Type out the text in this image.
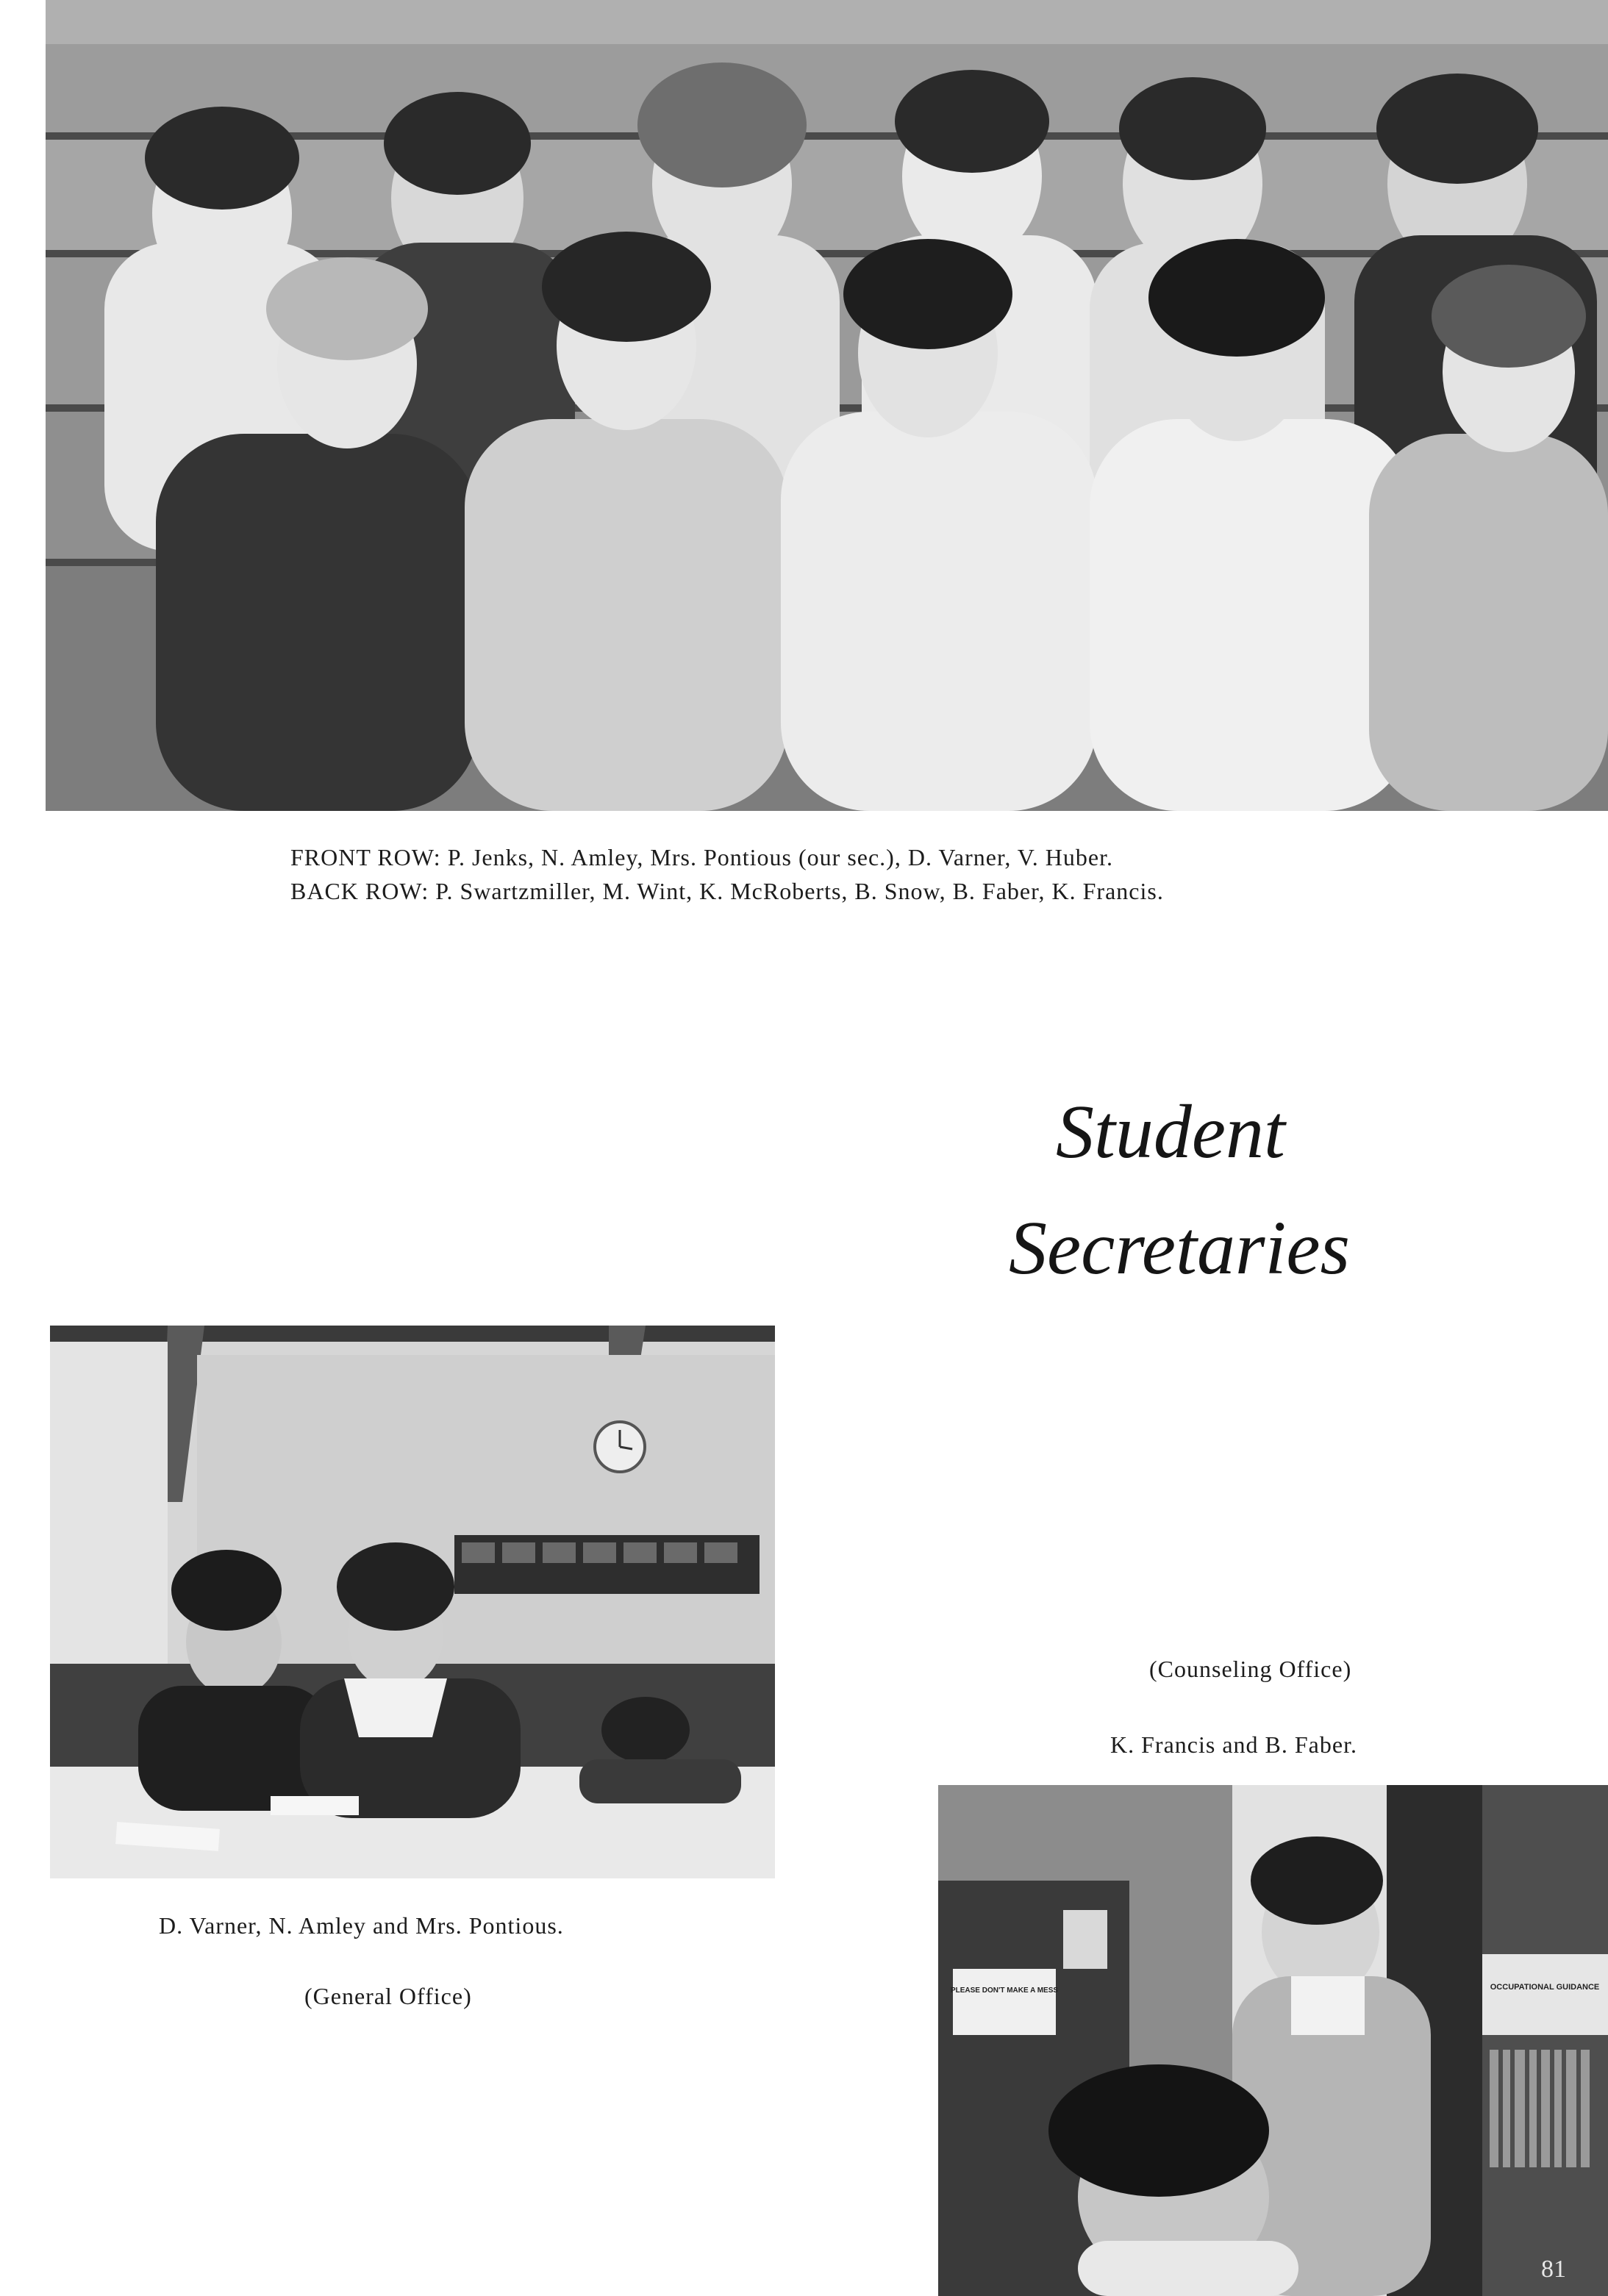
FRONT ROW: P. Jenks, N. Amley, Mrs. Pontious (our sec.), D. Varner, V. Huber.
BACK ROW: P. Swartzmiller, M. Wint, K. McRoberts, B. Snow, B. Faber, K. Francis.
Student
Secretaries
D. Varner, N. Amley and Mrs. Pontious.
(General Office)
(Counseling Office)
K. Francis and B. Faber.
PLEASE DON'T MAKE A MESS	OCCUPATIONAL GUIDANCE
81
